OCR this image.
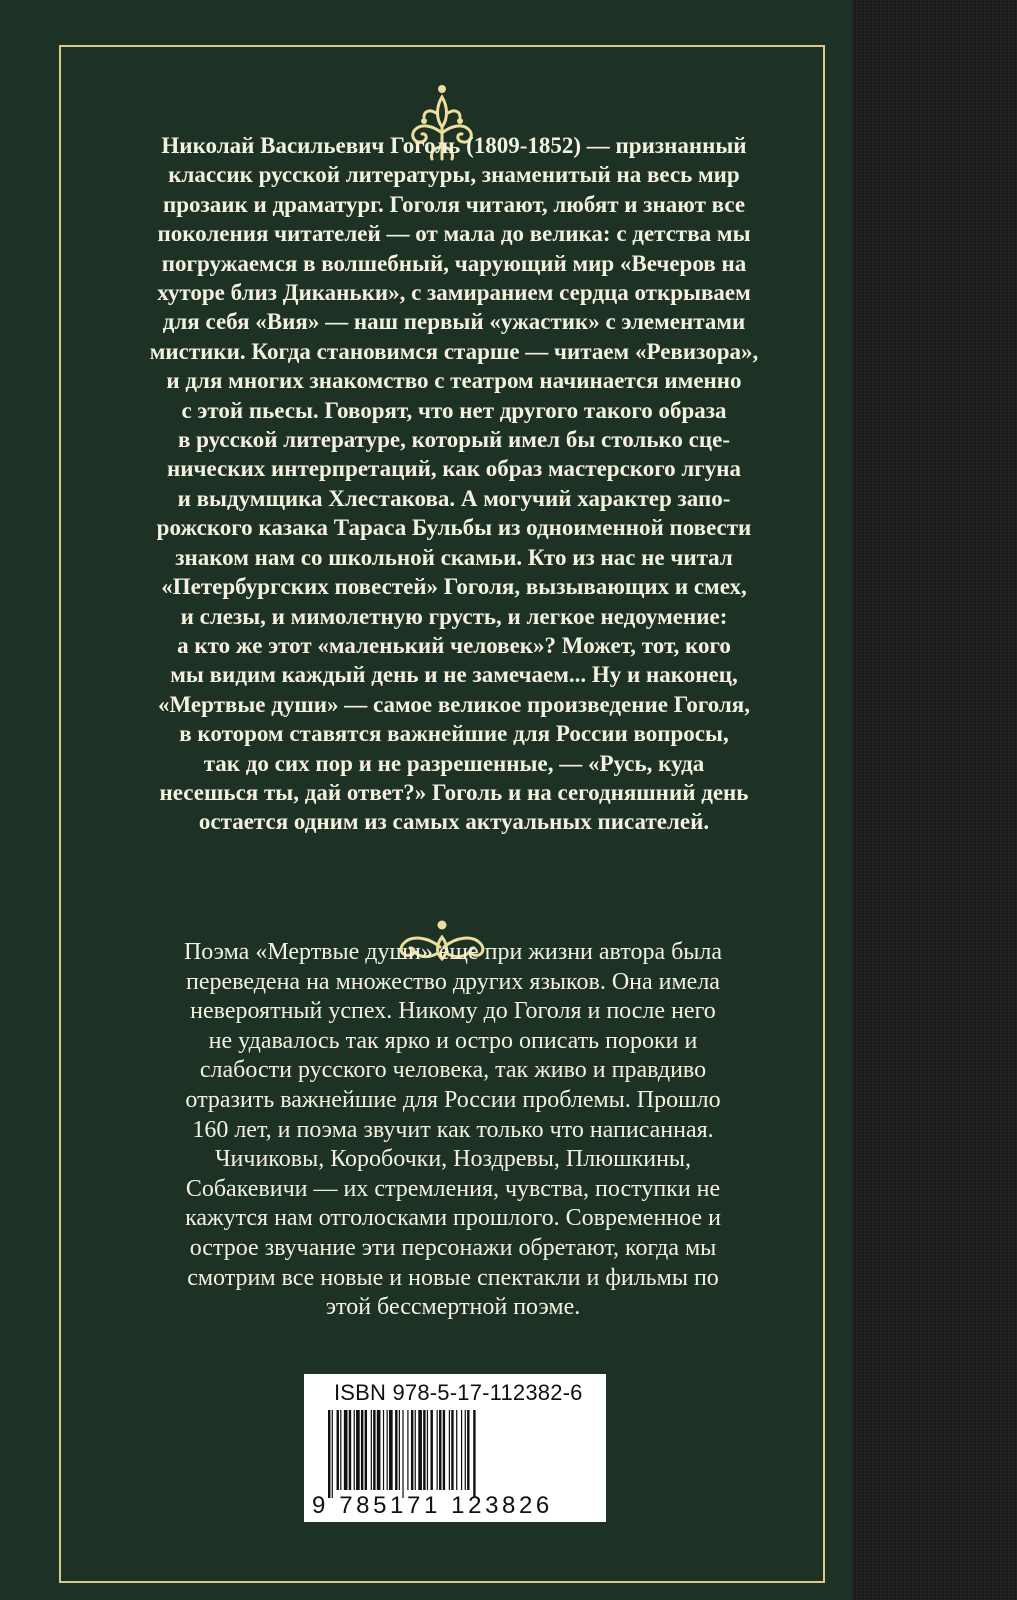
Николай Васильевич Гоголь (1809-1852) — признанный
классик русской литературы, знаменитый на весь мир
прозаик и драматург. Гоголя читают, любят и знают все
поколения читателей — от мала до велика: с детства мы
погружаемся в волшебный, чарующий мир «Вечеров на
хуторе близ Диканьки», с замиранием сердца открываем
для себя «Вия» — наш первый «ужастик» с элементами
мистики. Когда становимся старше — читаем «Ревизора»,
и для многих знакомство с театром начинается именно
с этой пьесы. Говорят, что нет другого такого образа
в русской литературе, который имел бы столько сце-
нических интерпретаций, как образ мастерского лгуна
и выдумщика Хлестакова. А могучий характер запо-
рожского казака Тараса Бульбы из одноименной повести
знаком нам со школьной скамьи. Кто из нас не читал
«Петербургских повестей» Гоголя, вызывающих и смех,
и слезы, и мимолетную грусть, и легкое недоумение:
а кто же этот «маленький человек»? Может, тот, кого
мы видим каждый день и не замечаем... Ну и наконец,
«Мертвые души» — самое великое произведение Гоголя,
в котором ставятся важнейшие для России вопросы,
так до сих пор и не разрешенные, — «Русь, куда
несешься ты, дай ответ?» Гоголь и на сегодняшний день
остается одним из самых актуальных писателей.
Поэма «Мертвые души» еще при жизни автора была
переведена на множество других языков. Она имела
невероятный успех. Никому до Гоголя и после него
не удавалось так ярко и остро описать пороки и
слабости русского человека, так живо и правдиво
отразить важнейшие для России проблемы. Прошло
160 лет, и поэма звучит как только что написанная.
Чичиковы, Коробочки, Ноздревы, Плюшкины,
Собакевичи — их стремления, чувства, поступки не
кажутся нам отголосками прошлого. Современное и
острое звучание эти персонажи обретают, когда мы
смотрим все новые и новые спектакли и фильмы по
этой бессмертной поэме.
ISBN 978-5-17-112382-6
9 785171 123826
